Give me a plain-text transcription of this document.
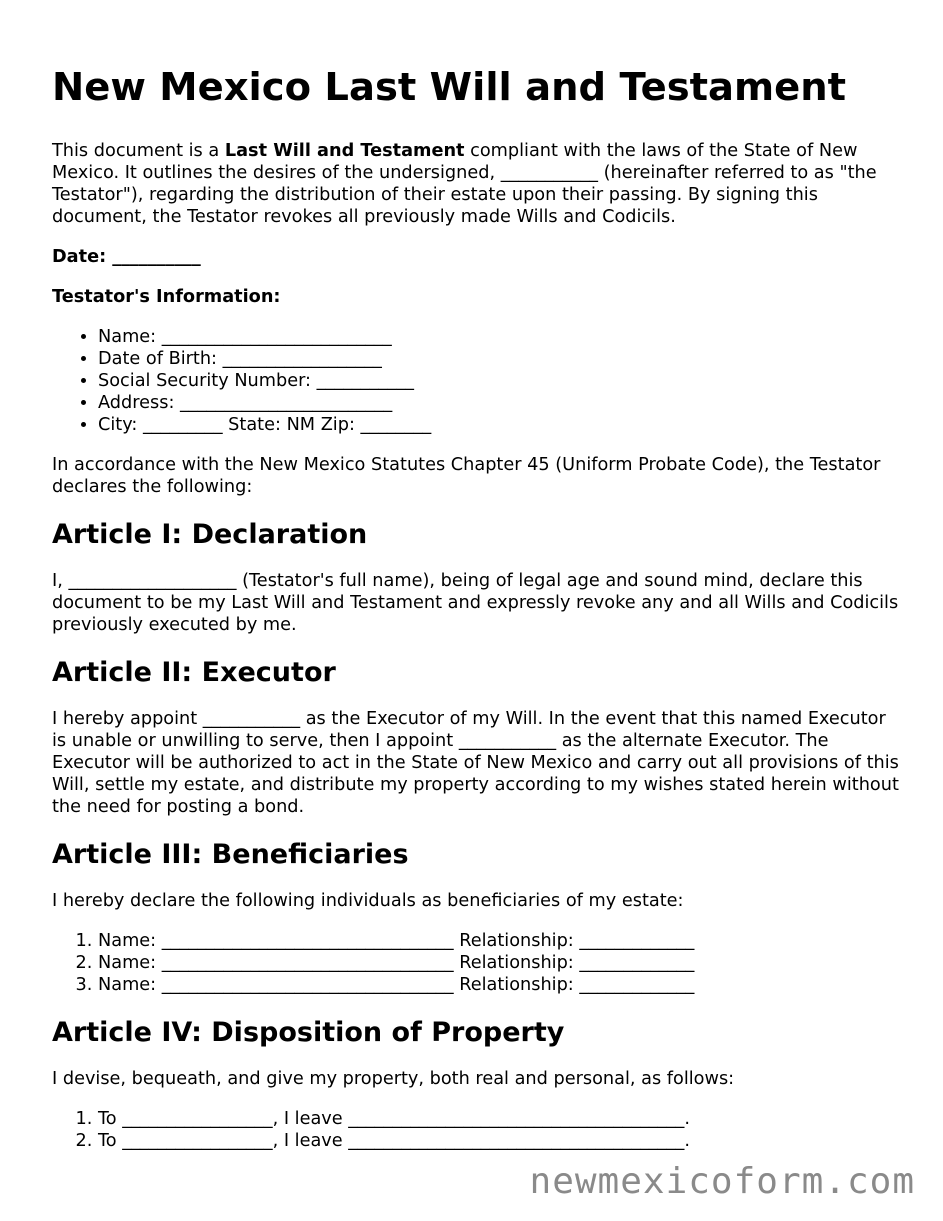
New Mexico Last Will and Testament

This document is a Last Will and Testament compliant with the laws of the State of New Mexico. It outlines the desires of the undersigned, ___________ (hereinafter referred to as "the Testator"), regarding the distribution of their estate upon their passing. By signing this document, the Testator revokes all previously made Wills and Codicils.

Date: __________

Testator's Information:

• Name: __________________________
• Date of Birth: __________________
• Social Security Number: ___________
• Address: ________________________
• City: _________ State: NM Zip: ________

In accordance with the New Mexico Statutes Chapter 45 (Uniform Probate Code), the Testator declares the following:

Article I: Declaration

I, ___________________ (Testator's full name), being of legal age and sound mind, declare this document to be my Last Will and Testament and expressly revoke any and all Wills and Codicils previously executed by me.

Article II: Executor

I hereby appoint ___________ as the Executor of my Will. In the event that this named Executor is unable or unwilling to serve, then I appoint ___________ as the alternate Executor. The Executor will be authorized to act in the State of New Mexico and carry out all provisions of this Will, settle my estate, and distribute my property according to my wishes stated herein without the need for posting a bond.

Article III: Beneficiaries

I hereby declare the following individuals as beneficiaries of my estate:

1. Name: _________________________________ Relationship: _____________
2. Name: _________________________________ Relationship: _____________
3. Name: _________________________________ Relationship: _____________
Article IV: Disposition of Property

I devise, bequeath, and give my property, both real and personal, as follows:

1. To _________________, I leave ______________________________________.
2. To _________________, I leave ______________________________________.
newmexicoform.com
